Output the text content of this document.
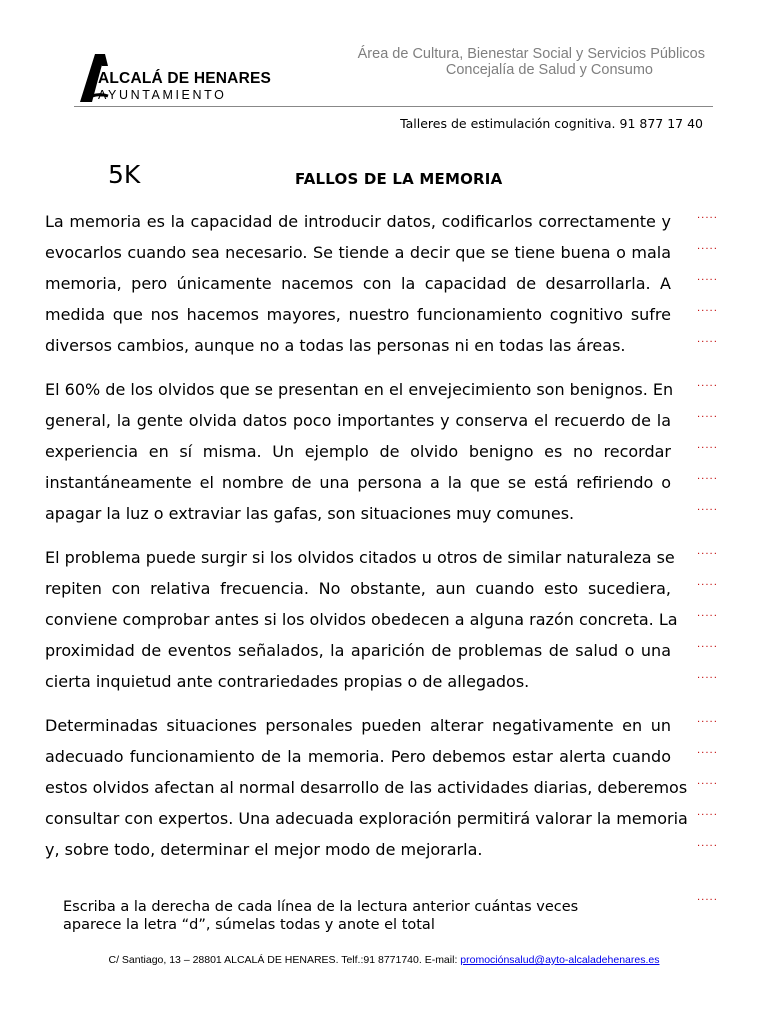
ALCALÁ DE HENARES
AYUNTAMIENTO
Área de Cultura, Bienestar Social y Servicios Públicos
Concejalía de Salud y Consumo
Talleres de estimulación cognitiva. 91 877 17 40
5K	FALLOS DE LA MEMORIA
.....
.....
.....
.....
.....
La memoria es la capacidad de introducir datos, codificarlos correctamente y
evocarlos cuando sea necesario. Se tiende a decir que se tiene buena o mala
memoria, pero únicamente nacemos con la capacidad de desarrollarla. A
medida que nos hacemos mayores, nuestro funcionamiento cognitivo sufre
diversos cambios, aunque no a todas las personas ni en todas las áreas.
.....
.....
.....
.....
.....
El 60% de los olvidos que se presentan en el envejecimiento son benignos. En
general, la gente olvida datos poco importantes y conserva el recuerdo de la
experiencia en sí misma. Un ejemplo de olvido benigno es no recordar
instantáneamente el nombre de una persona a la que se está refiriendo o
apagar la luz o extraviar las gafas, son situaciones muy comunes.
.....
.....
.....
.....
.....
El problema puede surgir si los olvidos citados u otros de similar naturaleza se
repiten con relativa frecuencia. No obstante, aun cuando esto sucediera,
conviene comprobar antes si los olvidos obedecen a alguna razón concreta. La
proximidad de eventos señalados, la aparición de problemas de salud o una
cierta inquietud ante contrariedades propias o de allegados.
.....
.....
.....
.....
.....
Determinadas situaciones personales pueden alterar negativamente en un
adecuado funcionamiento de la memoria. Pero debemos estar alerta cuando
estos olvidos afectan al normal desarrollo de las actividades diarias, deberemos
consultar con expertos. Una adecuada exploración permitirá valorar la memoria
y, sobre todo, determinar el mejor modo de mejorarla.
Escriba a la derecha de cada línea de la lectura anterior cuántas veces
aparece la letra “d”, súmelas todas y anote el total
.....
C/ Santiago, 13 – 28801 ALCALÁ DE HENARES. Telf.:91 8771740. E-mail: promociónsalud@ayto-alcaladehenares.es
